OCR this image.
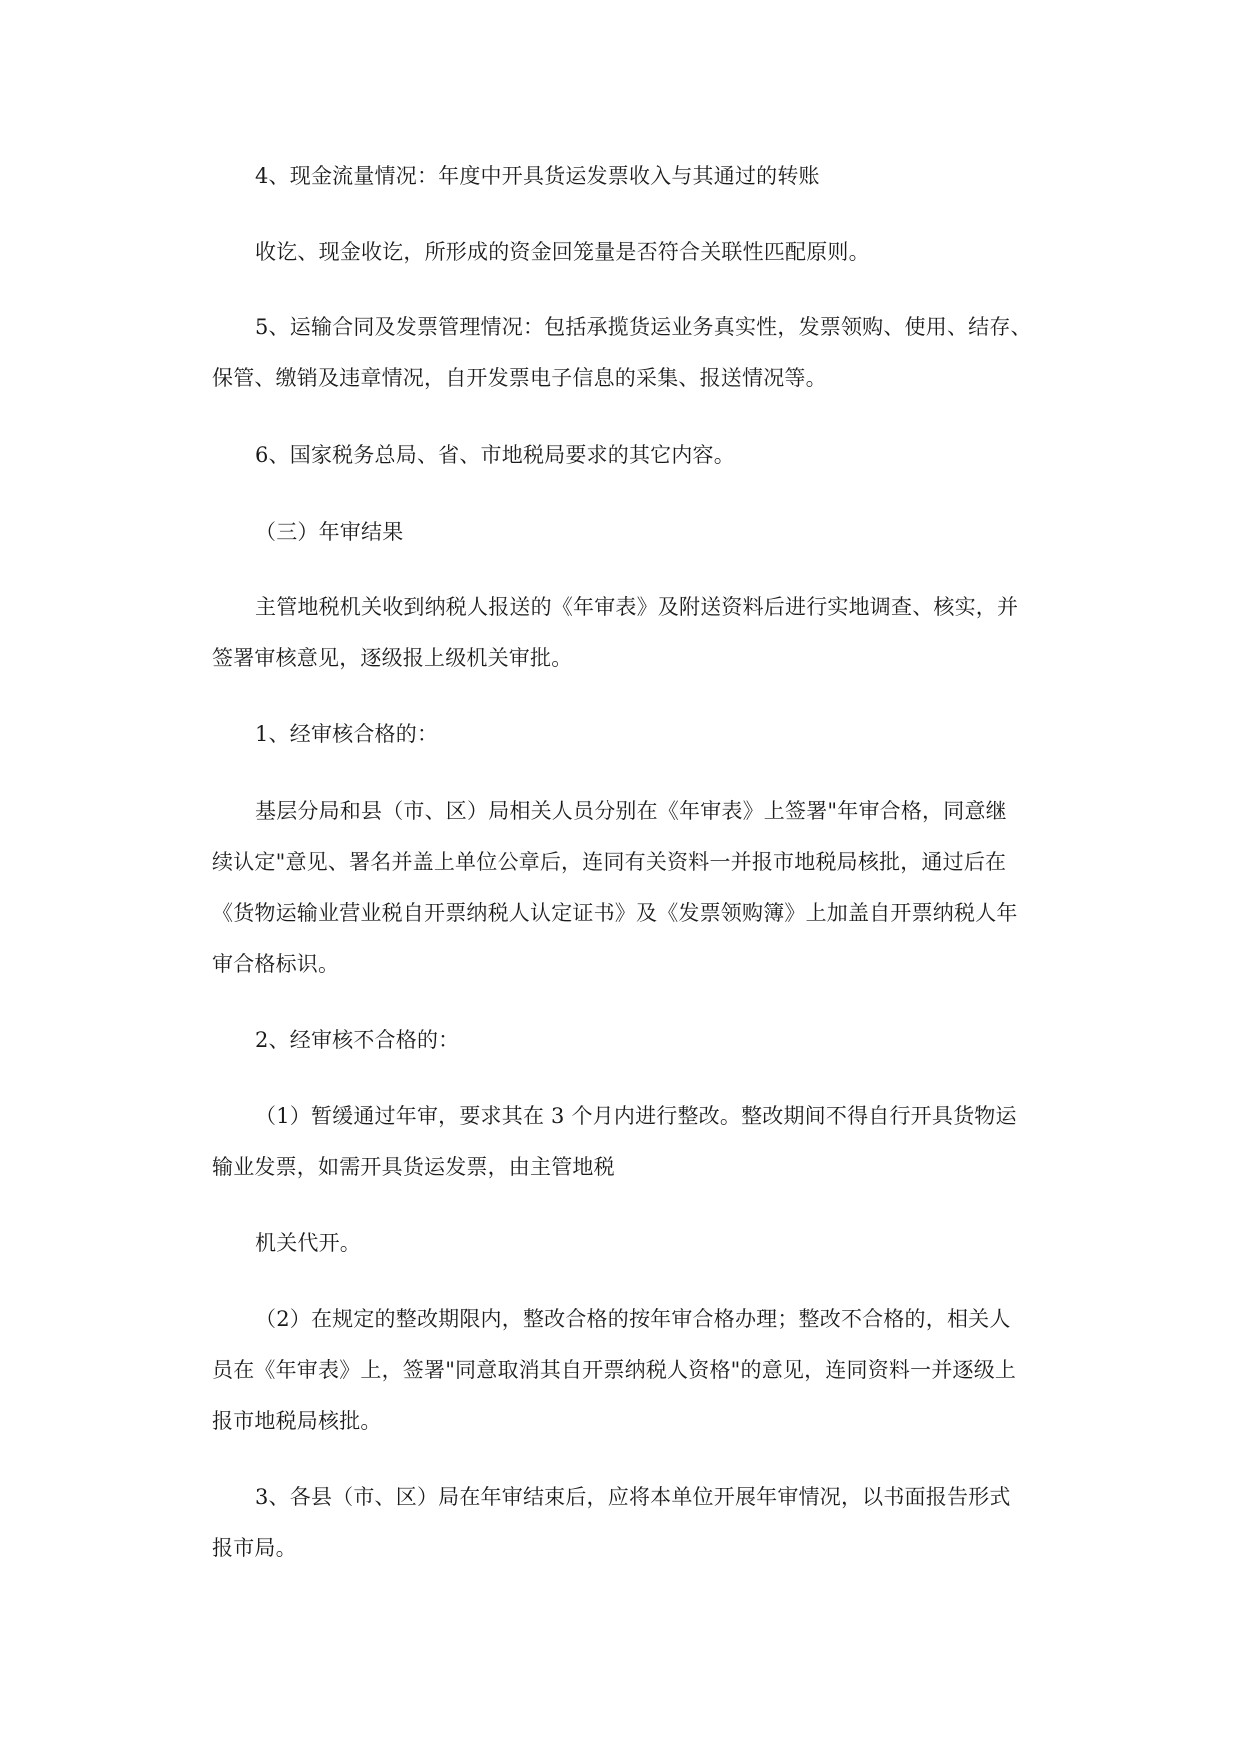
4、现金流量情况：年度中开具货运发票收入与其通过的转账
收讫、现金收讫，所形成的资金回笼量是否符合关联性匹配原则。
5、运输合同及发票管理情况：包括承揽货运业务真实性，发票领购、使用、结存、
保管、缴销及违章情况，自开发票电子信息的采集、报送情况等。
6、国家税务总局、省、市地税局要求的其它内容。
（三）年审结果
主管地税机关收到纳税人报送的《年审表》及附送资料后进行实地调查、核实，并
签署审核意见，逐级报上级机关审批。
1、经审核合格的：
基层分局和县（市、区）局相关人员分别在《年审表》上签署"年审合格，同意继
续认定"意见、署名并盖上单位公章后，连同有关资料一并报市地税局核批，通过后在
《货物运输业营业税自开票纳税人认定证书》及《发票领购簿》上加盖自开票纳税人年
审合格标识。
2、经审核不合格的：
（1）暂缓通过年审，要求其在 3 个月内进行整改。整改期间不得自行开具货物运
输业发票，如需开具货运发票，由主管地税
机关代开。
（2）在规定的整改期限内，整改合格的按年审合格办理；整改不合格的，相关人
员在《年审表》上，签署"同意取消其自开票纳税人资格"的意见，连同资料一并逐级上
报市地税局核批。
3、各县（市、区）局在年审结束后，应将本单位开展年审情况，以书面报告形式
报市局。
